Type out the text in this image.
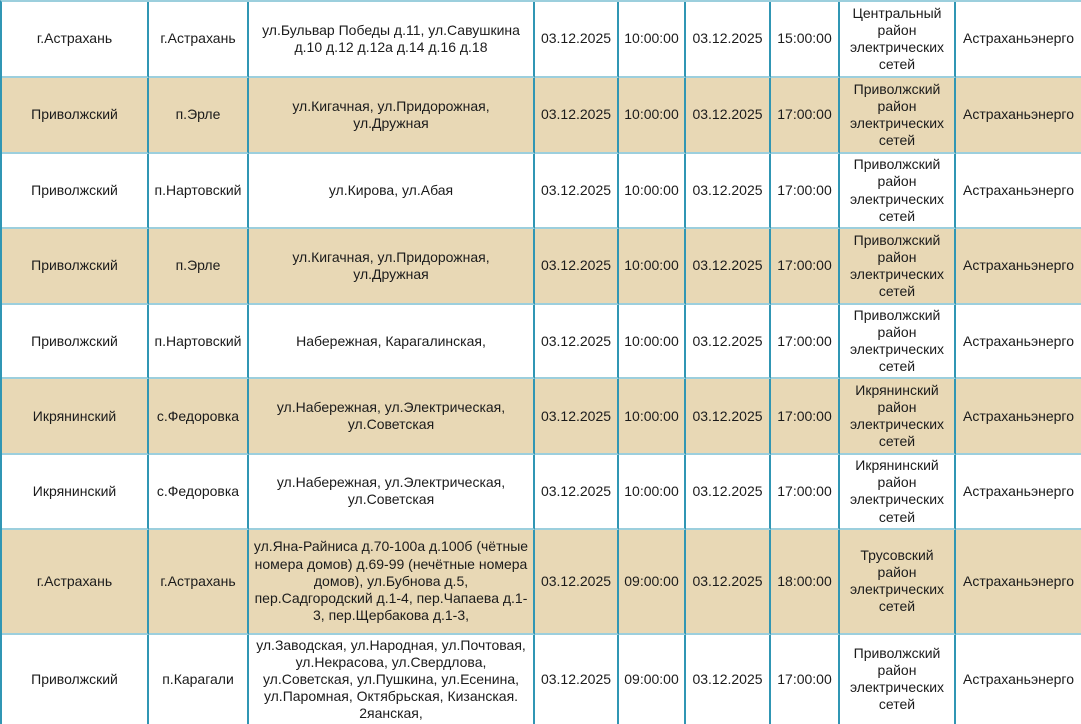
г.Астрахань	г.Астрахань	ул.Бульвар Победы д.11, ул.Савушкина д.10 д.12 д.12а д.14 д.16 д.18	03.12.2025	10:00:00	03.12.2025	15:00:00	Центральный район электрических сетей	Астраханьэнерго
Приволжский	п.Эрле	ул.Кигачная, ул.Придорожная, ул.Дружная	03.12.2025	10:00:00	03.12.2025	17:00:00	Приволжский район электрических сетей	Астраханьэнерго
Приволжский	п.Нартовский	ул.Кирова, ул.Абая	03.12.2025	10:00:00	03.12.2025	17:00:00	Приволжский район электрических сетей	Астраханьэнерго
Приволжский	п.Эрле	ул.Кигачная, ул.Придорожная, ул.Дружная	03.12.2025	10:00:00	03.12.2025	17:00:00	Приволжский район электрических сетей	Астраханьэнерго
Приволжский	п.Нартовский	Набережная, Карагалинская,	03.12.2025	10:00:00	03.12.2025	17:00:00	Приволжский район электрических сетей	Астраханьэнерго
Икрянинский	с.Федоровка	ул.Набережная, ул.Электрическая, ул.Советская	03.12.2025	10:00:00	03.12.2025	17:00:00	Икрянинский район электрических сетей	Астраханьэнерго
Икрянинский	с.Федоровка	ул.Набережная, ул.Электрическая, ул.Советская	03.12.2025	10:00:00	03.12.2025	17:00:00	Икрянинский район электрических сетей	Астраханьэнерго
г.Астрахань	г.Астрахань	ул.Яна-Райниса д.70-100а д.100б (чётные номера домов) д.69-99 (нечётные номера домов), ул.Бубнова д.5, пер.Садгородский д.1-4, пер.Чапаева д.1-3, пер.Щербакова д.1-3,	03.12.2025	09:00:00	03.12.2025	18:00:00	Трусовский район электрических сетей	Астраханьэнерго
Приволжский	п.Карагали	ул.Заводская, ул.Народная, ул.Почтовая, ул.Некрасова, ул.Свердлова, ул.Советская, ул.Пушкина, ул.Есенина, ул.Паромная, Октябрьская, Кизанская. 2яанская,	03.12.2025	09:00:00	03.12.2025	17:00:00	Приволжский район электрических сетей	Астраханьэнерго
